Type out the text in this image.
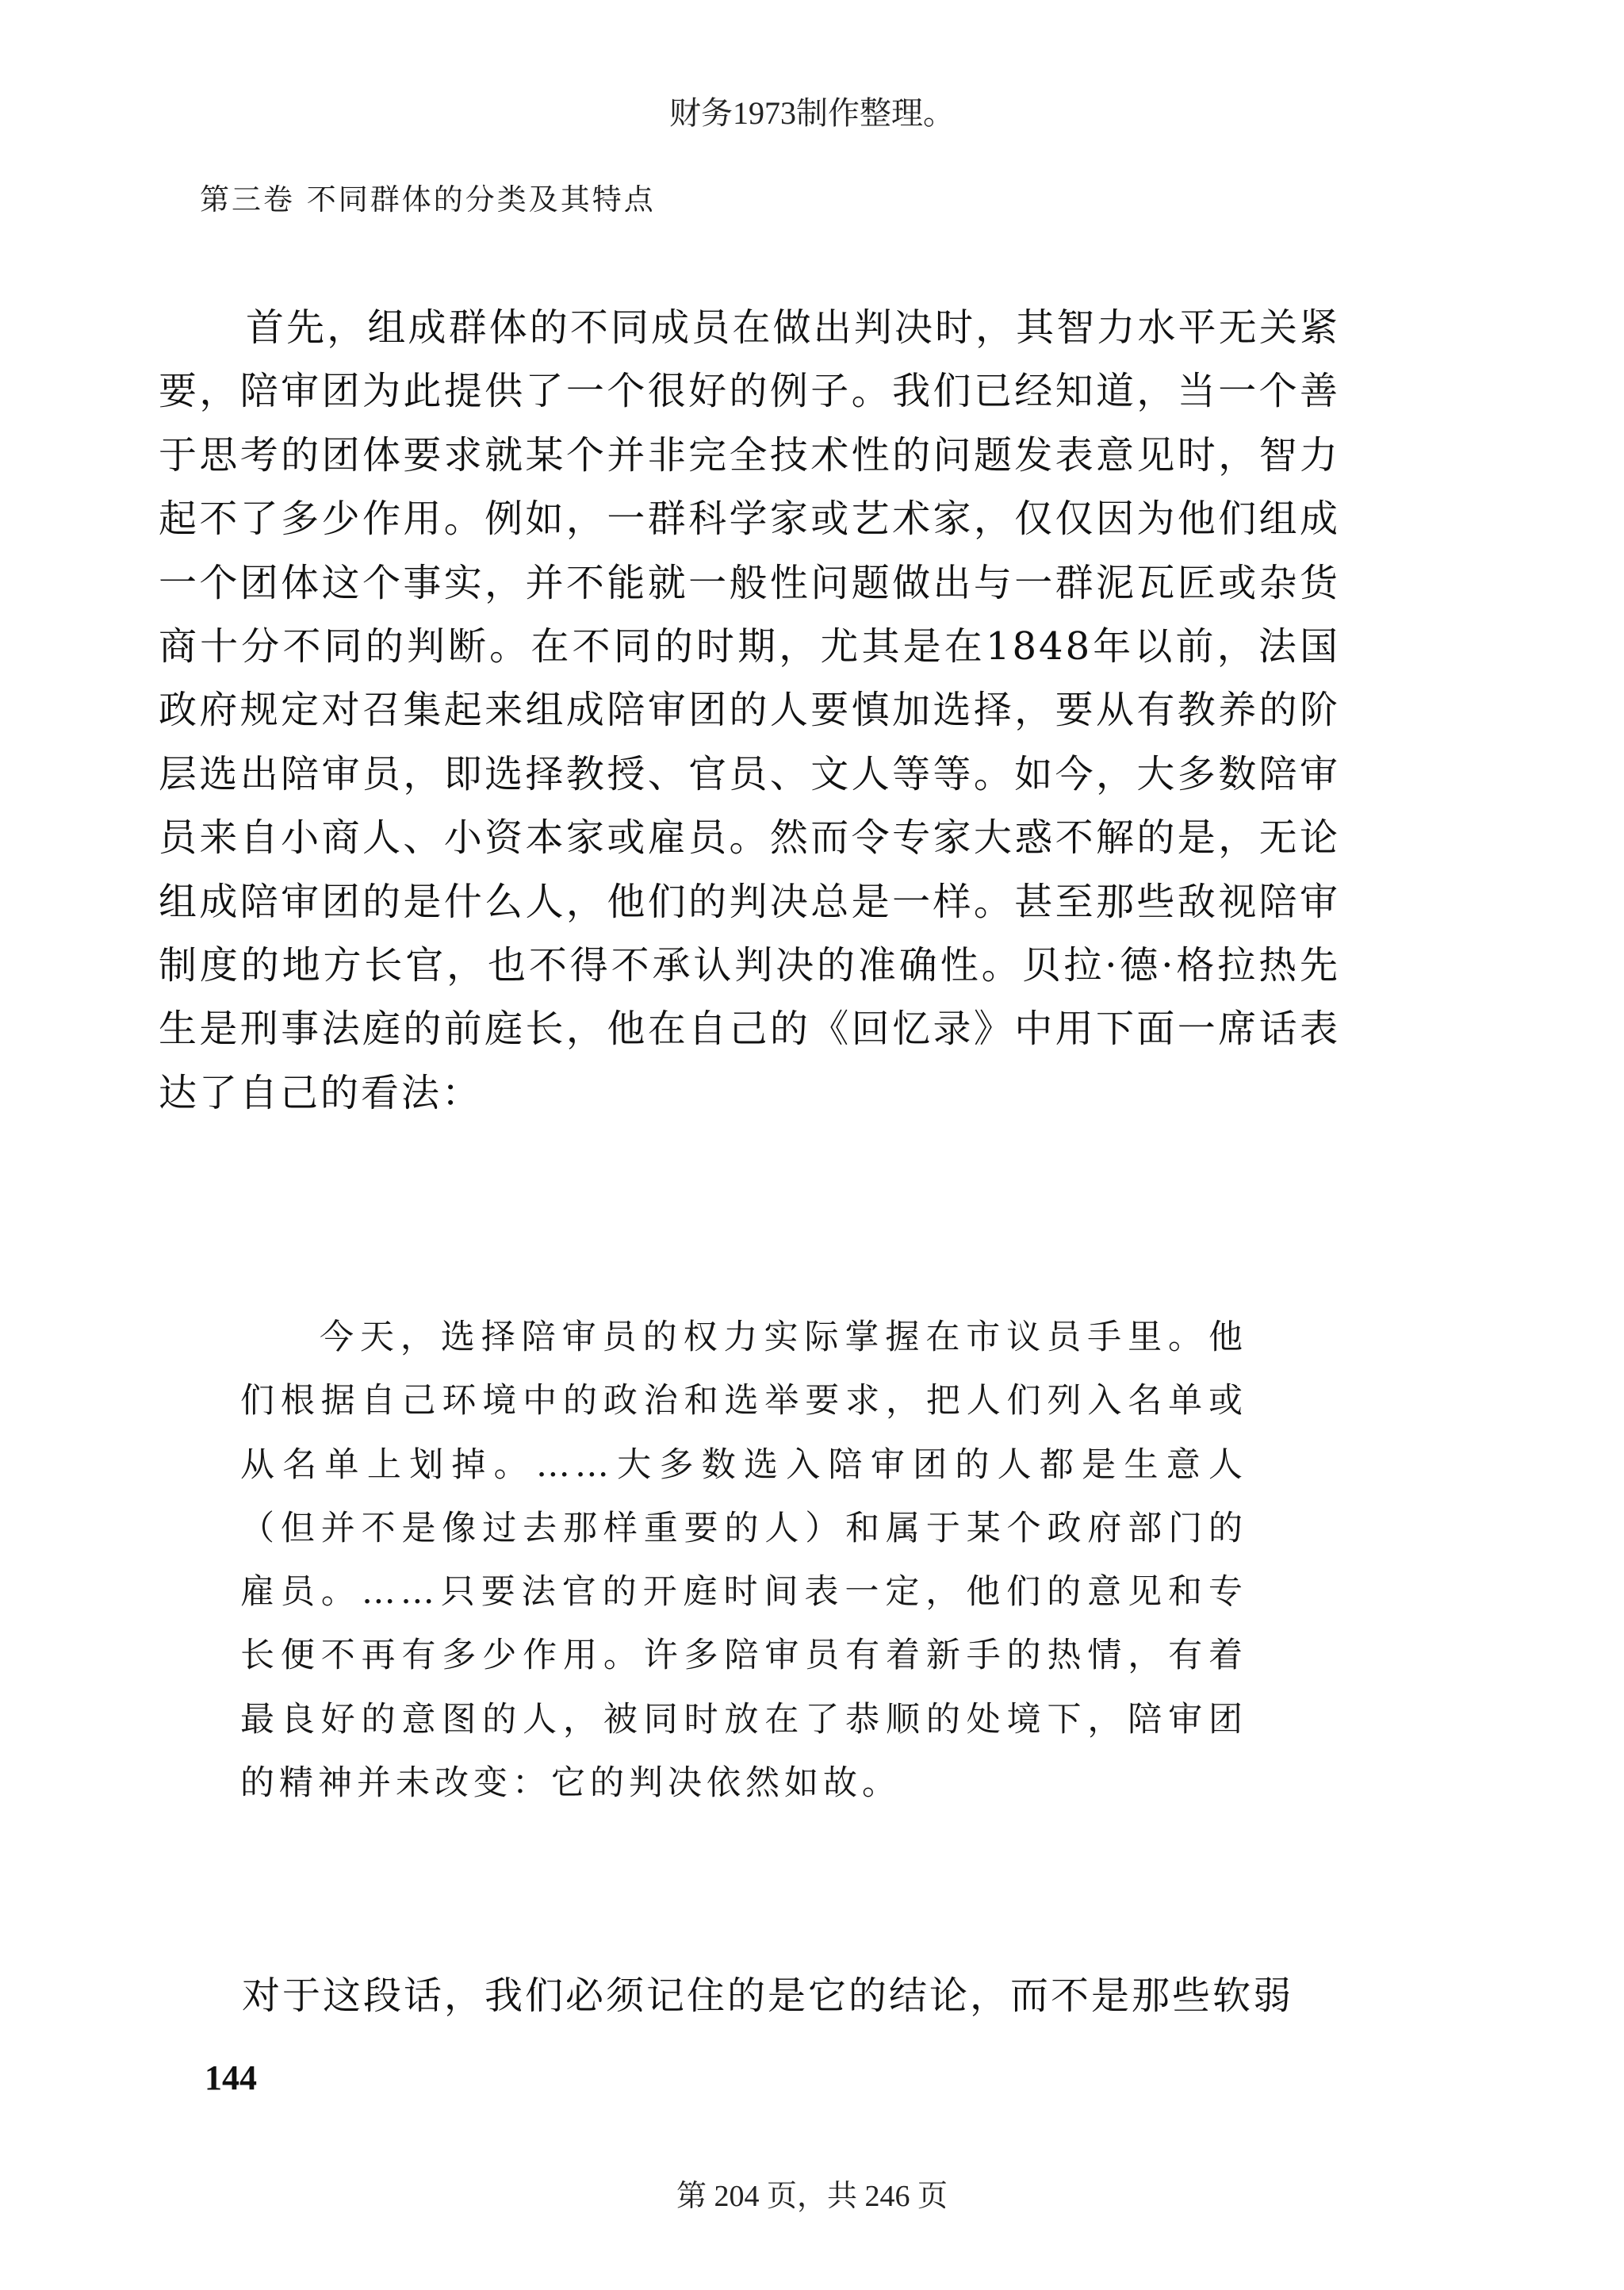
财务1973制作整理。
第三卷 不同群体的分类及其特点

首先，组成群体的不同成员在做出判决时，其智力水平无关紧要，陪审团为此提供了一个很好的例子。我们已经知道，当一个善于思考的团体要求就某个并非完全技术性的问题发表意见时，智力起不了多少作用。例如，一群科学家或艺术家，仅仅因为他们组成一个团体这个事实，并不能就一般性问题做出与一群泥瓦匠或杂货商十分不同的判断。在不同的时期，尤其是在1848年以前，法国政府规定对召集起来组成陪审团的人要慎加选择，要从有教养的阶层选出陪审员，即选择教授、官员、文人等等。如今，大多数陪审员来自小商人、小资本家或雇员。然而令专家大惑不解的是，无论组成陪审团的是什么人，他们的判决总是一样。甚至那些敌视陪审制度的地方长官，也不得不承认判决的准确性。贝拉·德·格拉热先生是刑事法庭的前庭长，他在自己的《回忆录》中用下面一席话表达了自己的看法：

今天，选择陪审员的权力实际掌握在市议员手里。他们根据自己环境中的政治和选举要求，把人们列入名单或从名单上划掉。……大多数选入陪审团的人都是生意人（但并不是像过去那样重要的人）和属于某个政府部门的雇员。……只要法官的开庭时间表一定，他们的意见和专长便不再有多少作用。许多陪审员有着新手的热情，有着最良好的意图的人，被同时放在了恭顺的处境下，陪审团的精神并未改变：它的判决依然如故。

对于这段话，我们必须记住的是它的结论，而不是那些软弱

144
第 204 页，共 246 页
